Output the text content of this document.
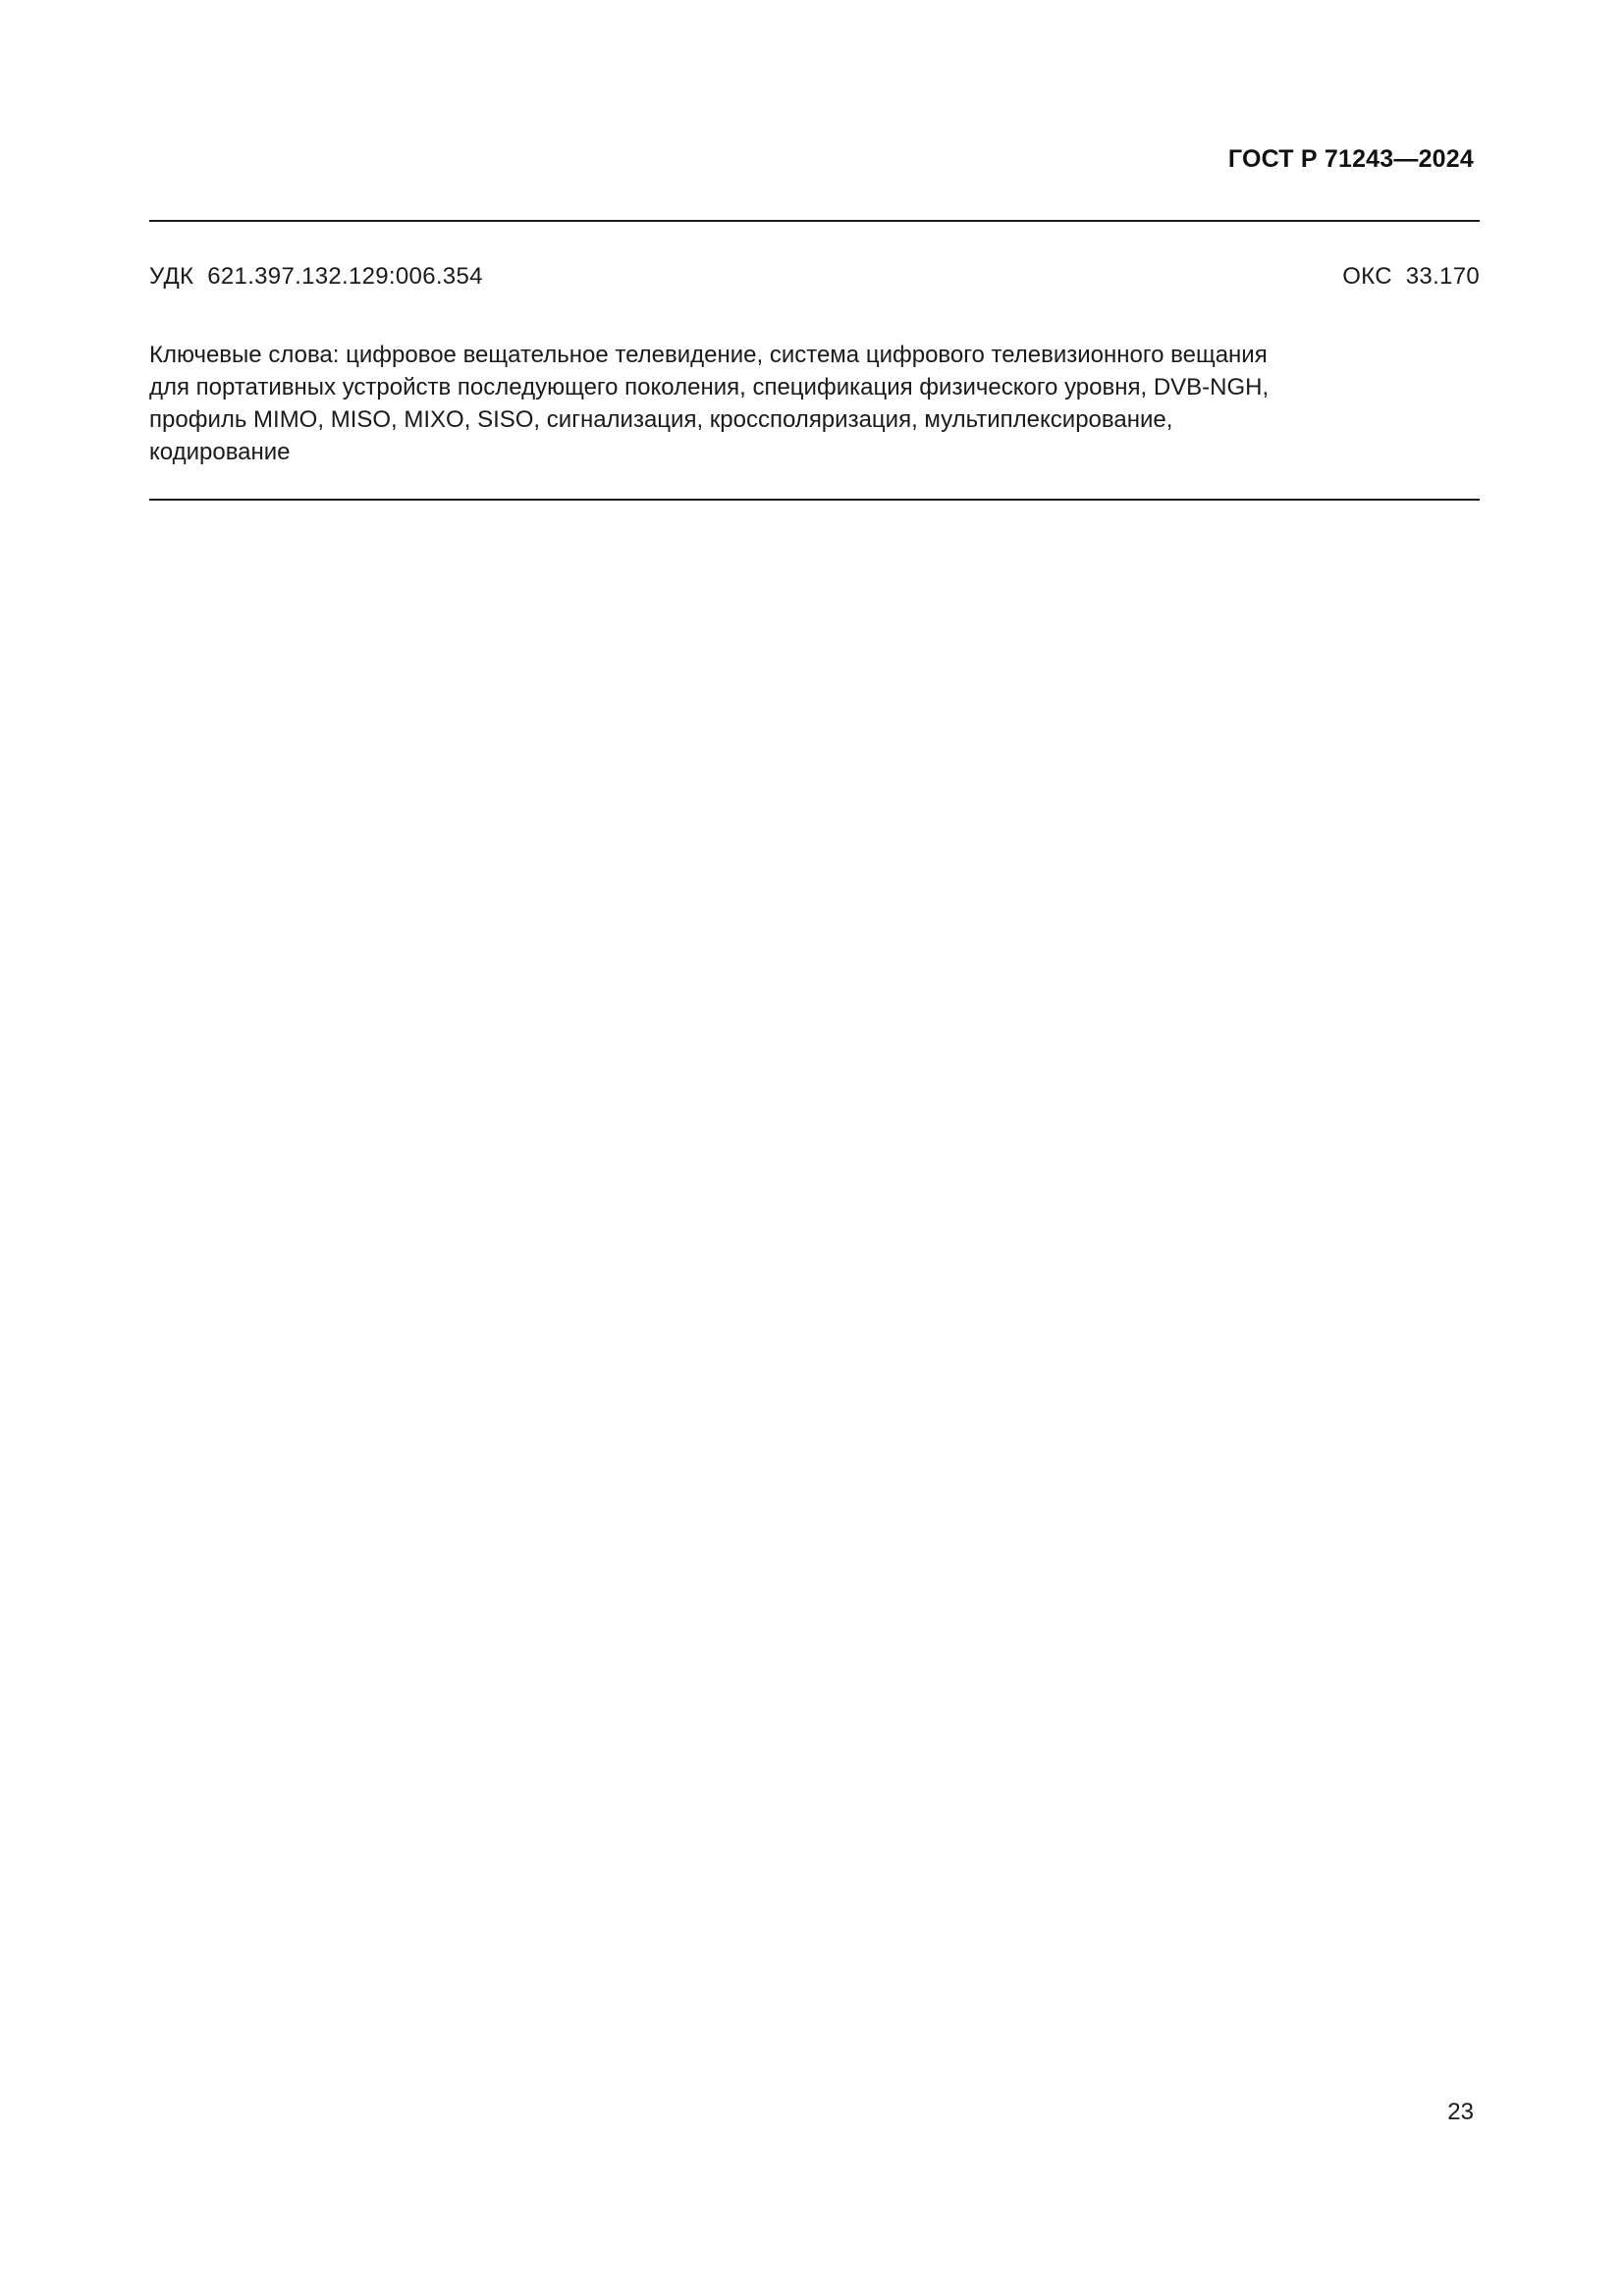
ГОСТ Р 71243—2024
УДК 621.397.132.129:006.354	ОКС 33.170
Ключевые слова: цифровое вещательное телевидение, система цифрового телевизионного вещания
для портативных устройств последующего поколения, спецификация физического уровня, DVB-NGH,
профиль MIMO, MISO, MIXO, SISO, сигнализация, кроссполяризация, мультиплексирование,
кодирование
23
